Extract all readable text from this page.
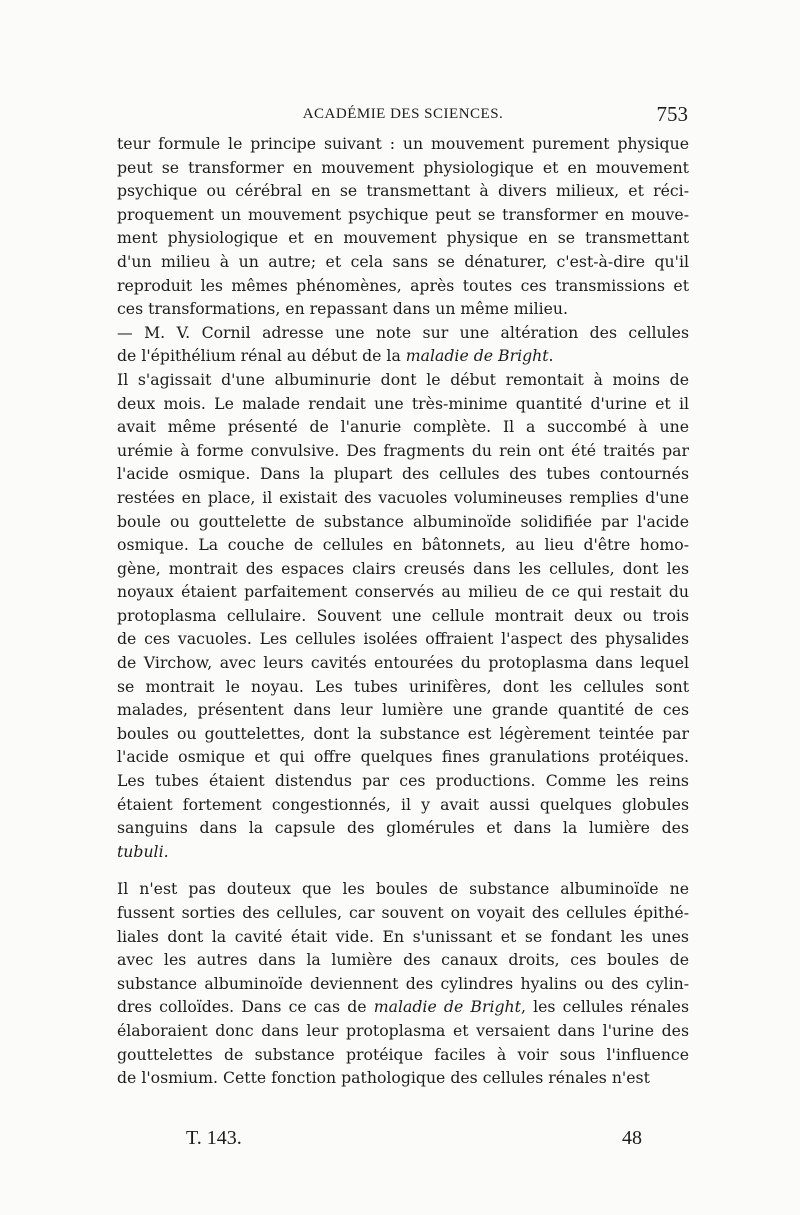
ACADÉMIE DES SCIENCES.	753
teur formule le principe suivant : un mouvement purement physique
peut se transformer en mouvement physiologique et en mouvement
psychique ou cérébral en se transmettant à divers milieux, et réci-
proquement un mouvement psychique peut se transformer en mouve-
ment physiologique et en mouvement physique en se transmettant
d'un milieu à un autre; et cela sans se dénaturer, c'est-à-dire qu'il
reproduit les mêmes phénomènes, après toutes ces transmissions et
ces transformations, en repassant dans un même milieu.
— M. V. Cornil adresse une note sur une altération des cellules
de l'épithélium rénal au début de la maladie de Bright.
Il s'agissait d'une albuminurie dont le début remontait à moins de
deux mois. Le malade rendait une très-minime quantité d'urine et il
avait même présenté de l'anurie complète. Il a succombé à une
urémie à forme convulsive. Des fragments du rein ont été traités par
l'acide osmique. Dans la plupart des cellules des tubes contournés
restées en place, il existait des vacuoles volumineuses remplies d'une
boule ou gouttelette de substance albuminoïde solidifiée par l'acide
osmique. La couche de cellules en bâtonnets, au lieu d'être homo-
gène, montrait des espaces clairs creusés dans les cellules, dont les
noyaux étaient parfaitement conservés au milieu de ce qui restait du
protoplasma cellulaire. Souvent une cellule montrait deux ou trois
de ces vacuoles. Les cellules isolées offraient l'aspect des physalides
de Virchow, avec leurs cavités entourées du protoplasma dans lequel
se montrait le noyau. Les tubes urinifères, dont les cellules sont
malades, présentent dans leur lumière une grande quantité de ces
boules ou gouttelettes, dont la substance est légèrement teintée par
l'acide osmique et qui offre quelques fines granulations protéiques.
Les tubes étaient distendus par ces productions. Comme les reins
étaient fortement congestionnés, il y avait aussi quelques globules
sanguins dans la capsule des glomérules et dans la lumière des
tubuli.
Il n'est pas douteux que les boules de substance albuminoïde ne
fussent sorties des cellules, car souvent on voyait des cellules épithé-
liales dont la cavité était vide. En s'unissant et se fondant les unes
avec les autres dans la lumière des canaux droits, ces boules de
substance albuminoïde deviennent des cylindres hyalins ou des cylin-
dres colloïdes. Dans ce cas de maladie de Bright, les cellules rénales
élaboraient donc dans leur protoplasma et versaient dans l'urine des
gouttelettes de substance protéique faciles à voir sous l'influence
de l'osmium. Cette fonction pathologique des cellules rénales n'est
T. 143.	48
